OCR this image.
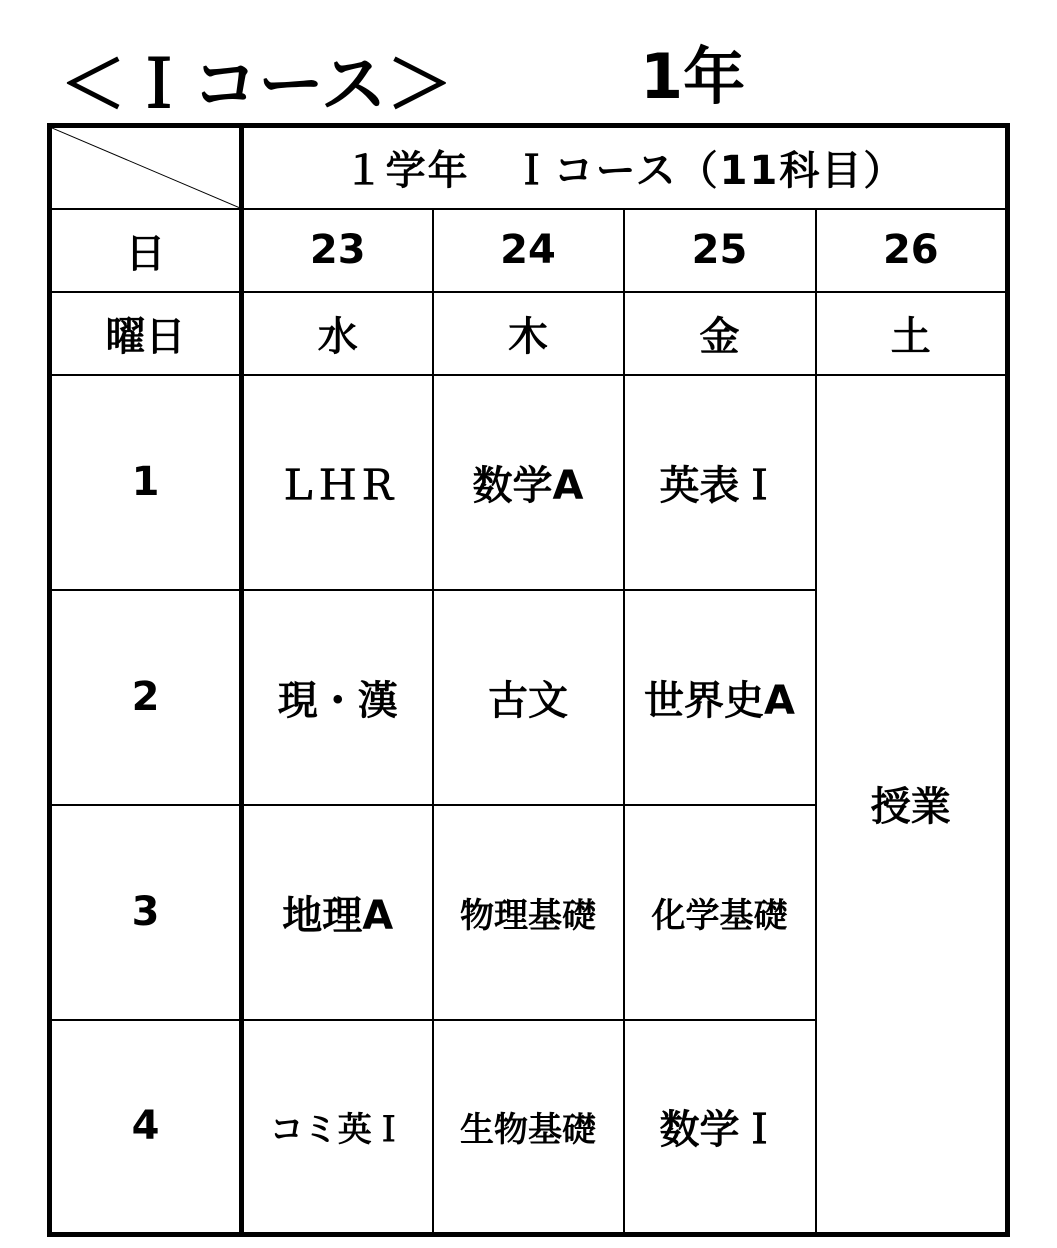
＜Ｉコース＞	1年
	１学年　Ｉコース（11科目）			
日	23	24	25	26
曜日	水	木	金	土
1	ＬＨＲ	数学A	英表Ｉ	授業
2	現・漢	古文	世界史A	
3	地理A	物理基礎	化学基礎	
4	コミ英Ｉ	生物基礎	数学Ｉ	
